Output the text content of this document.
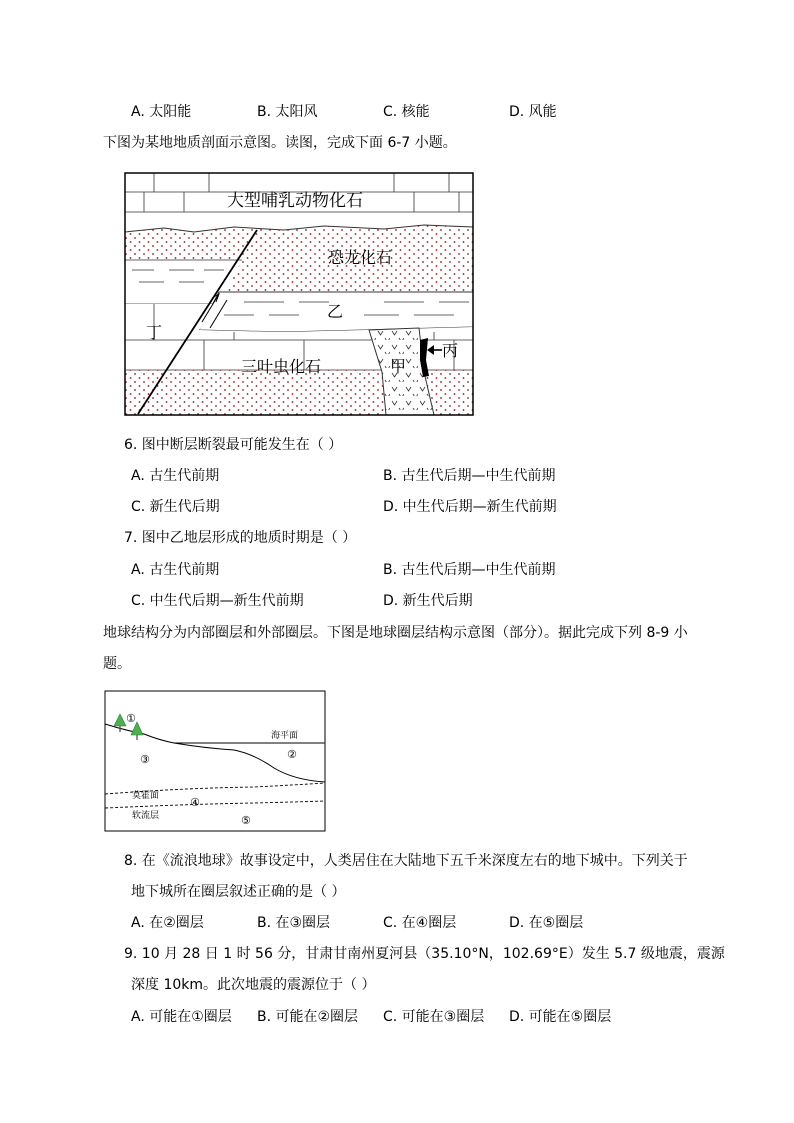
A. 太阳能	B. 太阳风	C. 核能	D. 风能
下图为某地地质剖面示意图。读图，完成下面 6-7 小题。
大型哺乳动物化石
恐龙化石
乙
丁
三叶虫化石	甲
丙
6. 图中断层断裂最可能发生在（ ）
A. 古生代前期	B. 古生代后期—中生代前期
C. 新生代后期	D. 中生代后期—新生代前期
7. 图中乙地层形成的地质时期是（ ）
A. 古生代前期	B. 古生代后期—中生代前期
C. 中生代后期—新生代前期	D. 新生代后期
地球结构分为内部圈层和外部圈层。下图是地球圈层结构示意图（部分）。据此完成下列 8-9 小
题。
①
海平面
②
③
莫霍面	④
软流层	⑤
8. 在《流浪地球》故事设定中，人类居住在大陆地下五千米深度左右的地下城中。下列关于
地下城所在圈层叙述正确的是（ ）
A. 在②圈层	B. 在③圈层	C. 在④圈层	D. 在⑤圈层
9. 10 月 28 日 1 时 56 分，甘肃甘南州夏河县（35.10°N，102.69°E）发生 5.7 级地震，震源
深度 10km。此次地震的震源位于（ ）
A. 可能在①圈层 B. 可能在②圈层 C. 可能在③圈层 D. 可能在⑤圈层
